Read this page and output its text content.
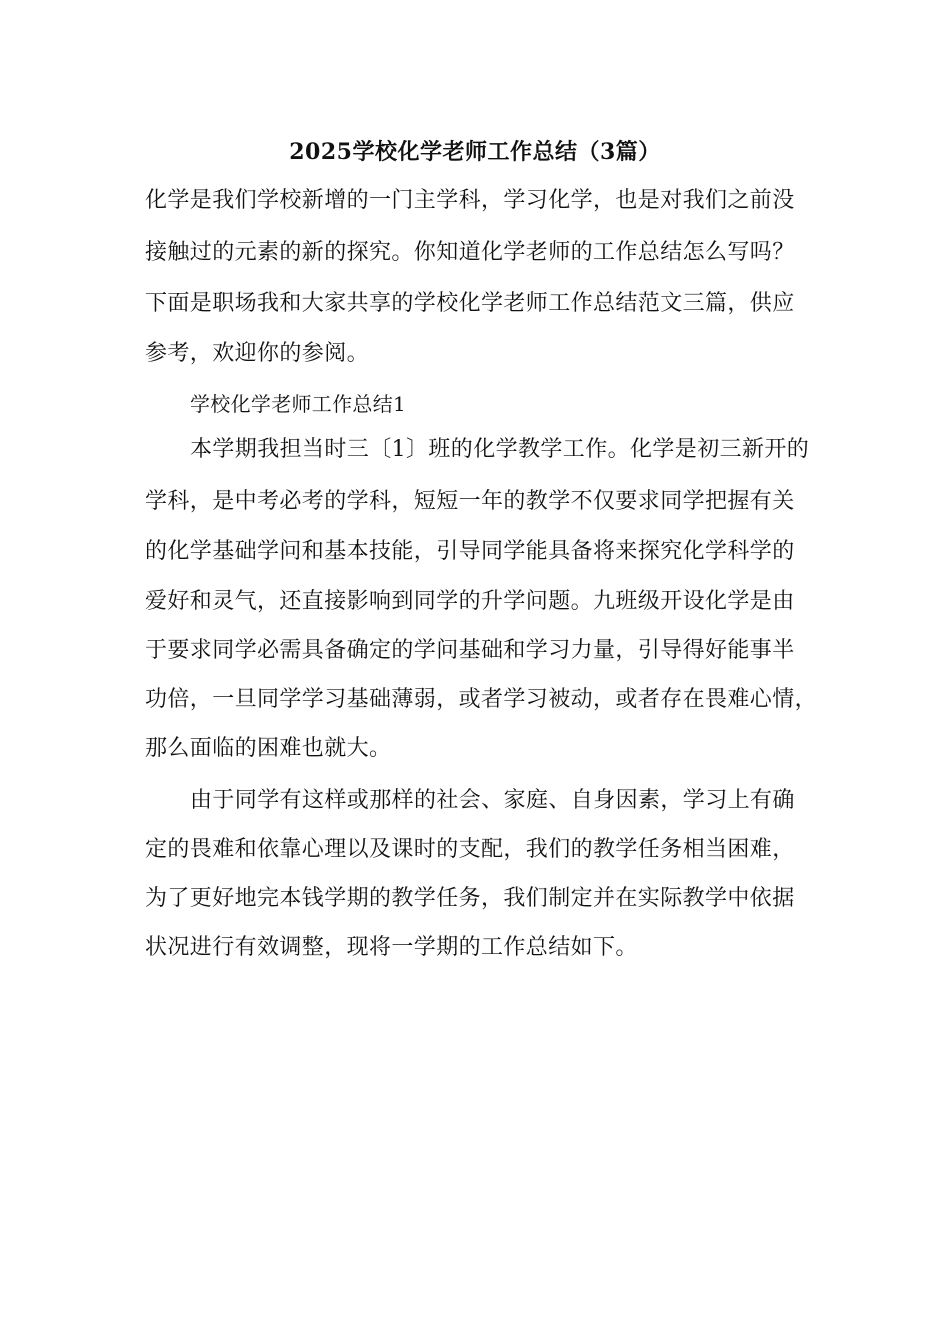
2025学校化学老师工作总结（3篇）
化学是我们学校新增的一门主学科，学习化学，也是对我们之前没
接触过的元素的新的探究。你知道化学老师的工作总结怎么写吗？
下面是职场我和大家共享的学校化学老师工作总结范文三篇，供应
参考，欢迎你的参阅。
学校化学老师工作总结1
本学期我担当时三〔1〕班的化学教学工作。化学是初三新开的
学科，是中考必考的学科，短短一年的教学不仅要求同学把握有关
的化学基础学问和基本技能，引导同学能具备将来探究化学科学的
爱好和灵气，还直接影响到同学的升学问题。九班级开设化学是由
于要求同学必需具备确定的学问基础和学习力量，引导得好能事半
功倍，一旦同学学习基础薄弱，或者学习被动，或者存在畏难心情，
那么面临的困难也就大。
由于同学有这样或那样的社会、家庭、自身因素，学习上有确
定的畏难和依靠心理以及课时的支配，我们的教学任务相当困难，
为了更好地完本钱学期的教学任务，我们制定并在实际教学中依据
状况进行有效调整，现将一学期的工作总结如下。
